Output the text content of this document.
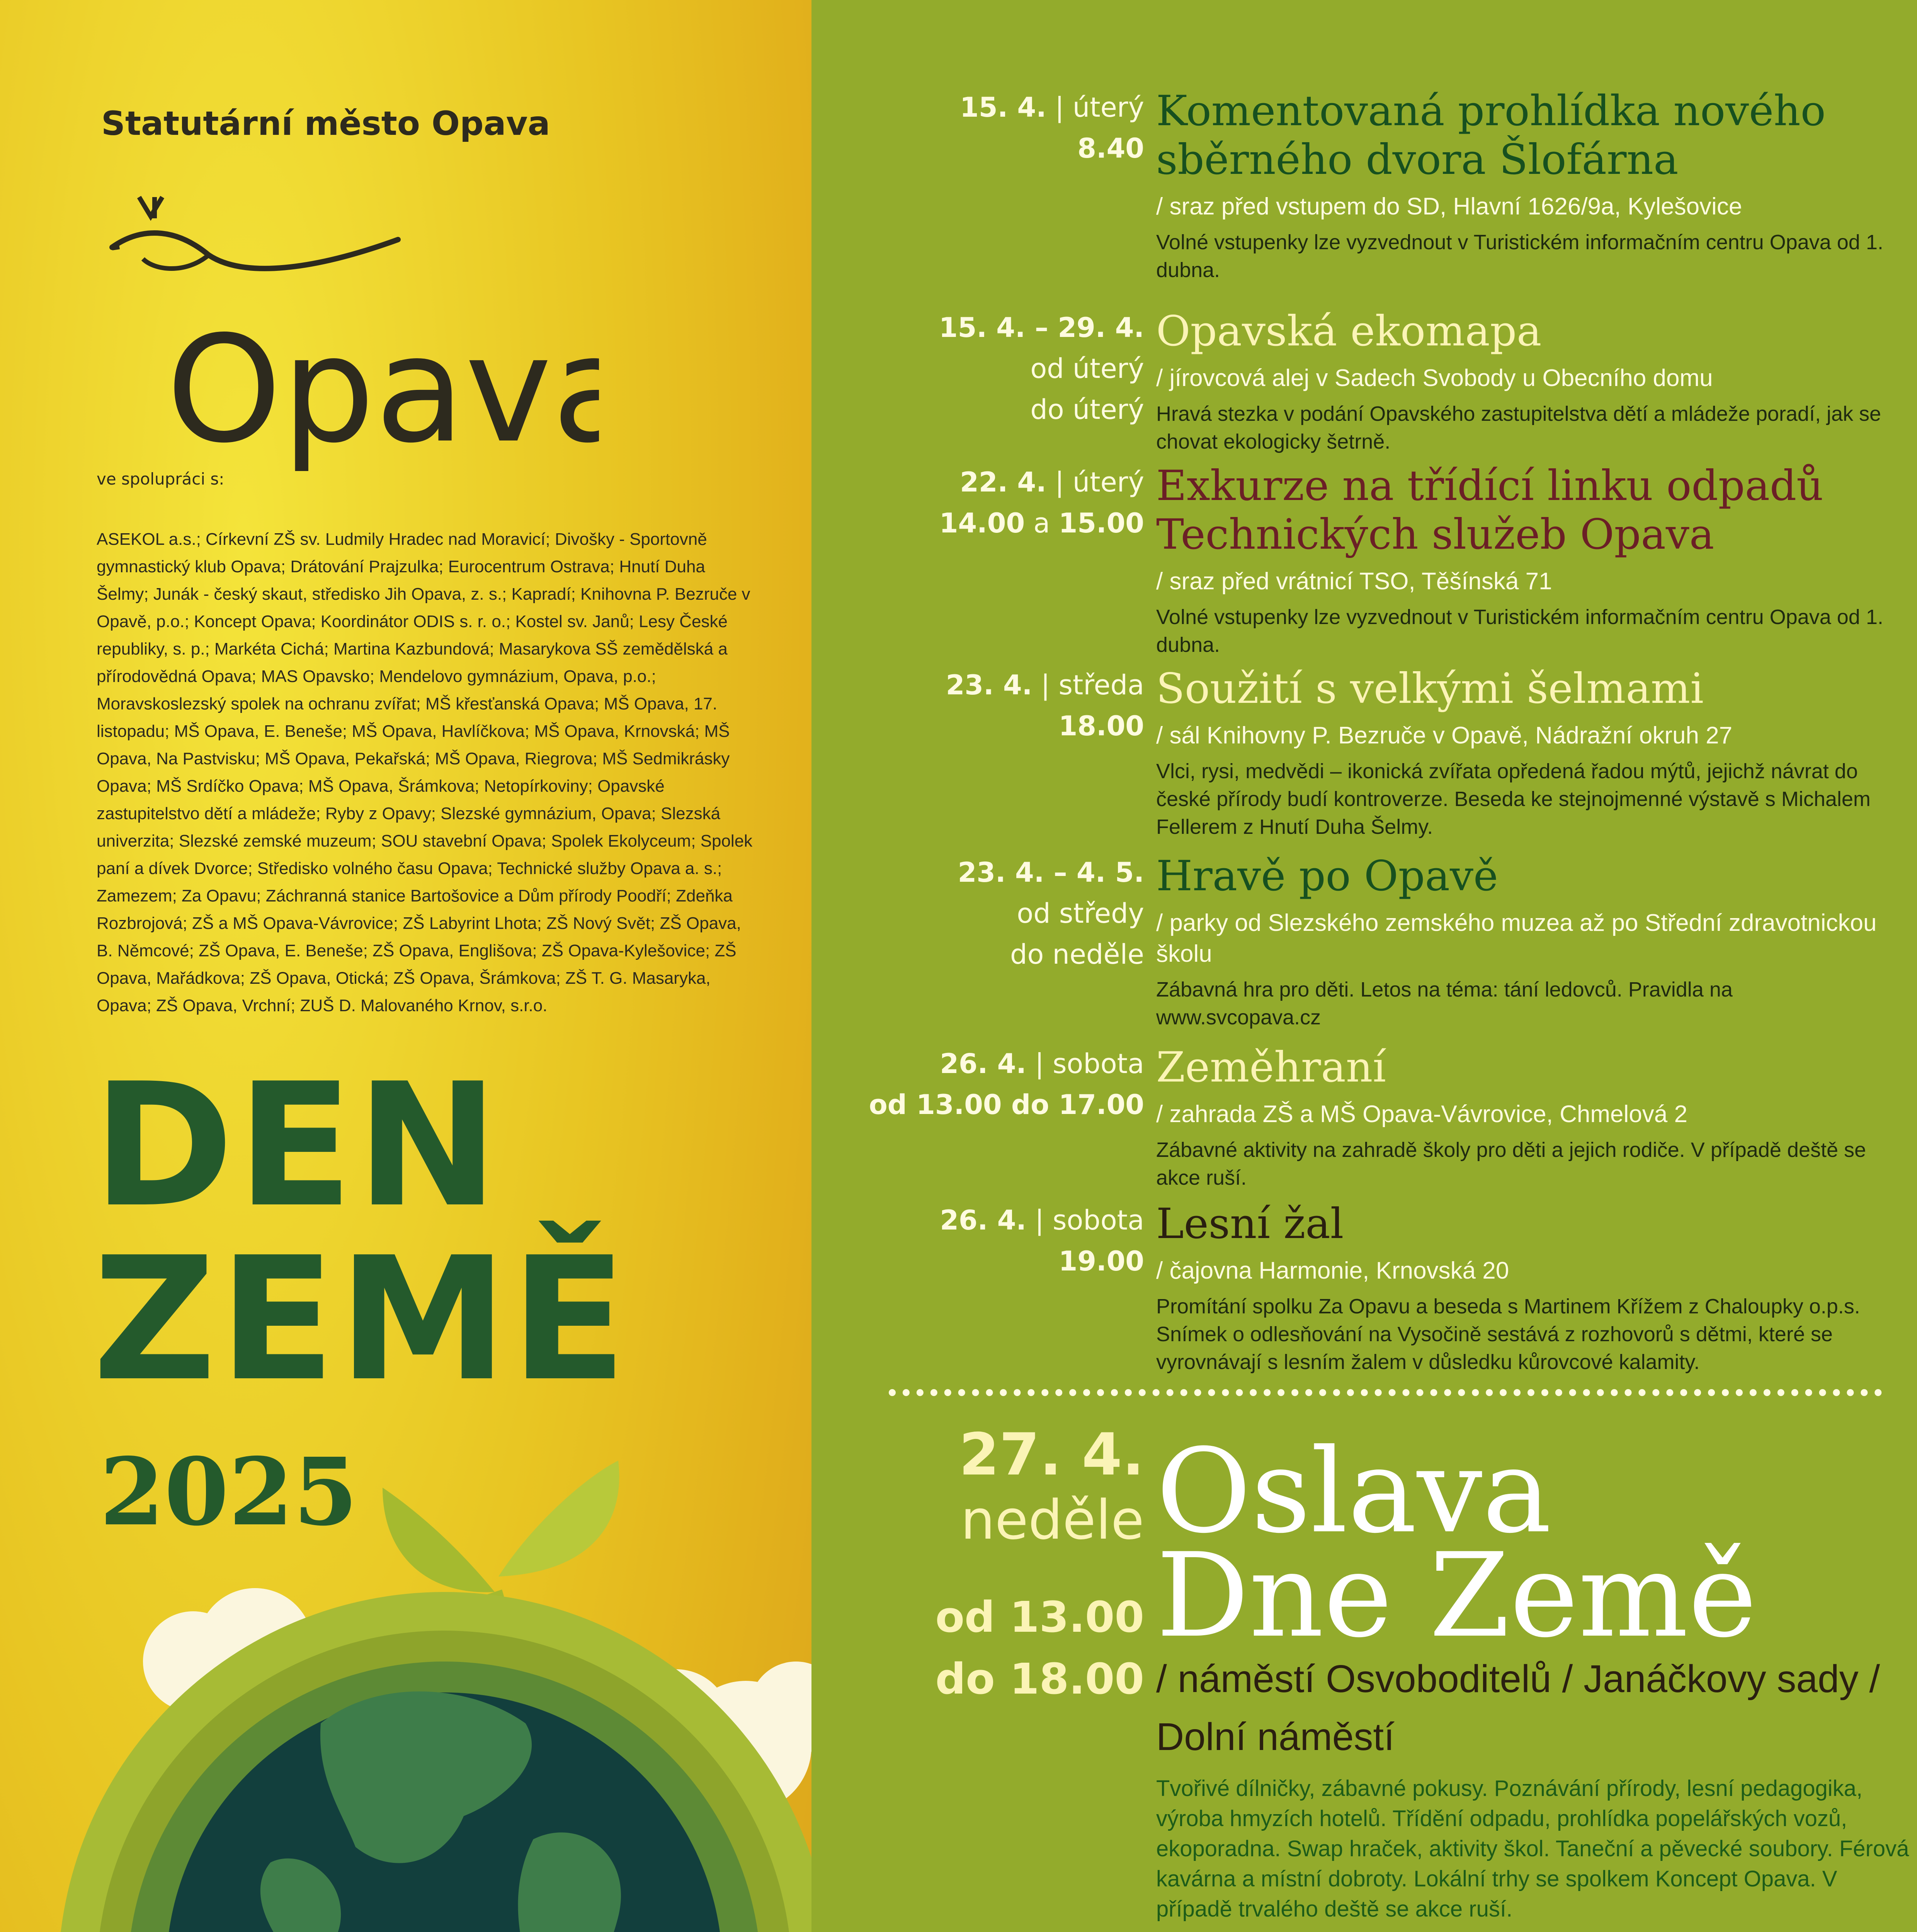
Statutární město Opava
Opava
ve spolupráci s:
ASEKOL a.s.; Církevní ZŠ sv. Ludmily Hradec nad Moravicí; Divošky - Sportovně gymnastický klub Opava; Drátování Prajzulka; Eurocentrum Ostrava; Hnutí Duha Šelmy; Junák - český skaut, středisko Jih Opava, z. s.; Kapradí; Knihovna P. Bezruče v Opavě, p.o.; Koncept Opava; Koordinátor ODIS s. r. o.; Kostel sv. Janů; Lesy České republiky, s. p.; Markéta Cichá; Martina Kazbundová; Masarykova SŠ zemědělská a přírodovědná Opava; MAS Opavsko; Mendelovo gymnázium, Opava, p.o.; Moravskoslezský spolek na ochranu zvířat; MŠ křesťanská Opava; MŠ Opava, 17. listopadu; MŠ Opava, E. Beneše; MŠ Opava, Havlíčkova; MŠ Opava, Krnovská; MŠ Opava, Na Pastvisku; MŠ Opava, Pekařská; MŠ Opava, Riegrova; MŠ Sedmikrásky Opava; MŠ Srdíčko Opava; MŠ Opava, Šrámkova; Netopírkoviny; Opavské zastupitelstvo dětí a mládeže; Ryby z Opavy; Slezské gymnázium, Opava; Slezská univerzita; Slezské zemské muzeum; SOU stavební Opava; Spolek Ekolyceum; Spolek paní a dívek Dvorce; Středisko volného času Opava; Technické služby Opava a. s.; Zamezem; Za Opavu; Záchranná stanice Bartošovice a Dům přírody Poodří; Zdeňka Rozbrojová; ZŠ a MŠ Opava-Vávrovice; ZŠ Labyrint Lhota; ZŠ Nový Svět; ZŠ Opava, B. Němcové; ZŠ Opava, E. Beneše; ZŠ Opava, Englišova; ZŠ Opava-Kylešovice; ZŠ Opava, Mařádkova; ZŠ Opava, Otická; ZŠ Opava, Šrámkova; ZŠ T. G. Masaryka, Opava; ZŠ Opava, Vrchní; ZUŠ D. Malovaného Krnov, s.r.o.
DEN
ZEMĚ
2025
15. 4. | úterý
8.40
Komentovaná prohlídka nového sběrného dvora Šlofárna
/ sraz před vstupem do SD, Hlavní 1626/9a, Kylešovice
Volné vstupenky lze vyzvednout v Turistickém informačním centru Opava od 1. dubna.
15. 4. – 29. 4.
od úterý
do úterý
Opavská ekomapa
/ jírovcová alej v Sadech Svobody u Obecního domu
Hravá stezka v podání Opavského zastupitelstva dětí a mládeže poradí, jak se chovat ekologicky šetrně.
22. 4. | úterý
14.00 a 15.00
Exkurze na třídící linku odpadů Technických služeb Opava
/ sraz před vrátnicí TSO, Těšínská 71
Volné vstupenky lze vyzvednout v Turistickém informačním centru Opava od 1. dubna.
23. 4. | středa
18.00
Soužití s velkými šelmami
/ sál Knihovny P. Bezruče v Opavě, Nádražní okruh 27
Vlci, rysi, medvědi – ikonická zvířata opředená řadou mýtů, jejichž návrat do české přírody budí kontroverze. Beseda ke stejnojmenné výstavě s Michalem Fellerem z Hnutí Duha Šelmy.
23. 4. – 4. 5.
od středy
do neděle
Hravě po Opavě
/ parky od Slezského zemského muzea až po Střední zdravotnickou školu
Zábavná hra pro děti. Letos na téma: tání ledovců. Pravidla na www.svcopava.cz
26. 4. | sobota
od 13.00 do 17.00
Zeměhraní
/ zahrada ZŠ a MŠ Opava-Vávrovice, Chmelová 2
Zábavné aktivity na zahradě školy pro děti a jejich rodiče. V případě deště se akce ruší.
26. 4. | sobota
19.00
Lesní žal
/ čajovna Harmonie, Krnovská 20
Promítání spolku Za Opavu a beseda s Martinem Křížem z Chaloupky o.p.s. Snímek o odlesňování na Vysočině sestává z rozhovorů s dětmi, které se vyrovnávají s lesním žalem v důsledku kůrovcové kalamity.
27. 4.
neděle
od 13.00
do 18.00
Oslava
Dne Země
/ náměstí Osvoboditelů / Janáčkovy sady / Dolní náměstí
Tvořivé dílničky, zábavné pokusy. Poznávání přírody, lesní pedagogika, výroba hmyzích hotelů. Třídění odpadu, prohlídka popelářských vozů, ekoporadna. Swap hraček, aktivity škol. Taneční a pěvecké soubory. Férová kavárna a místní dobroty. Lokální trhy se spolkem Koncept Opava. V případě trvalého deště se akce ruší.
